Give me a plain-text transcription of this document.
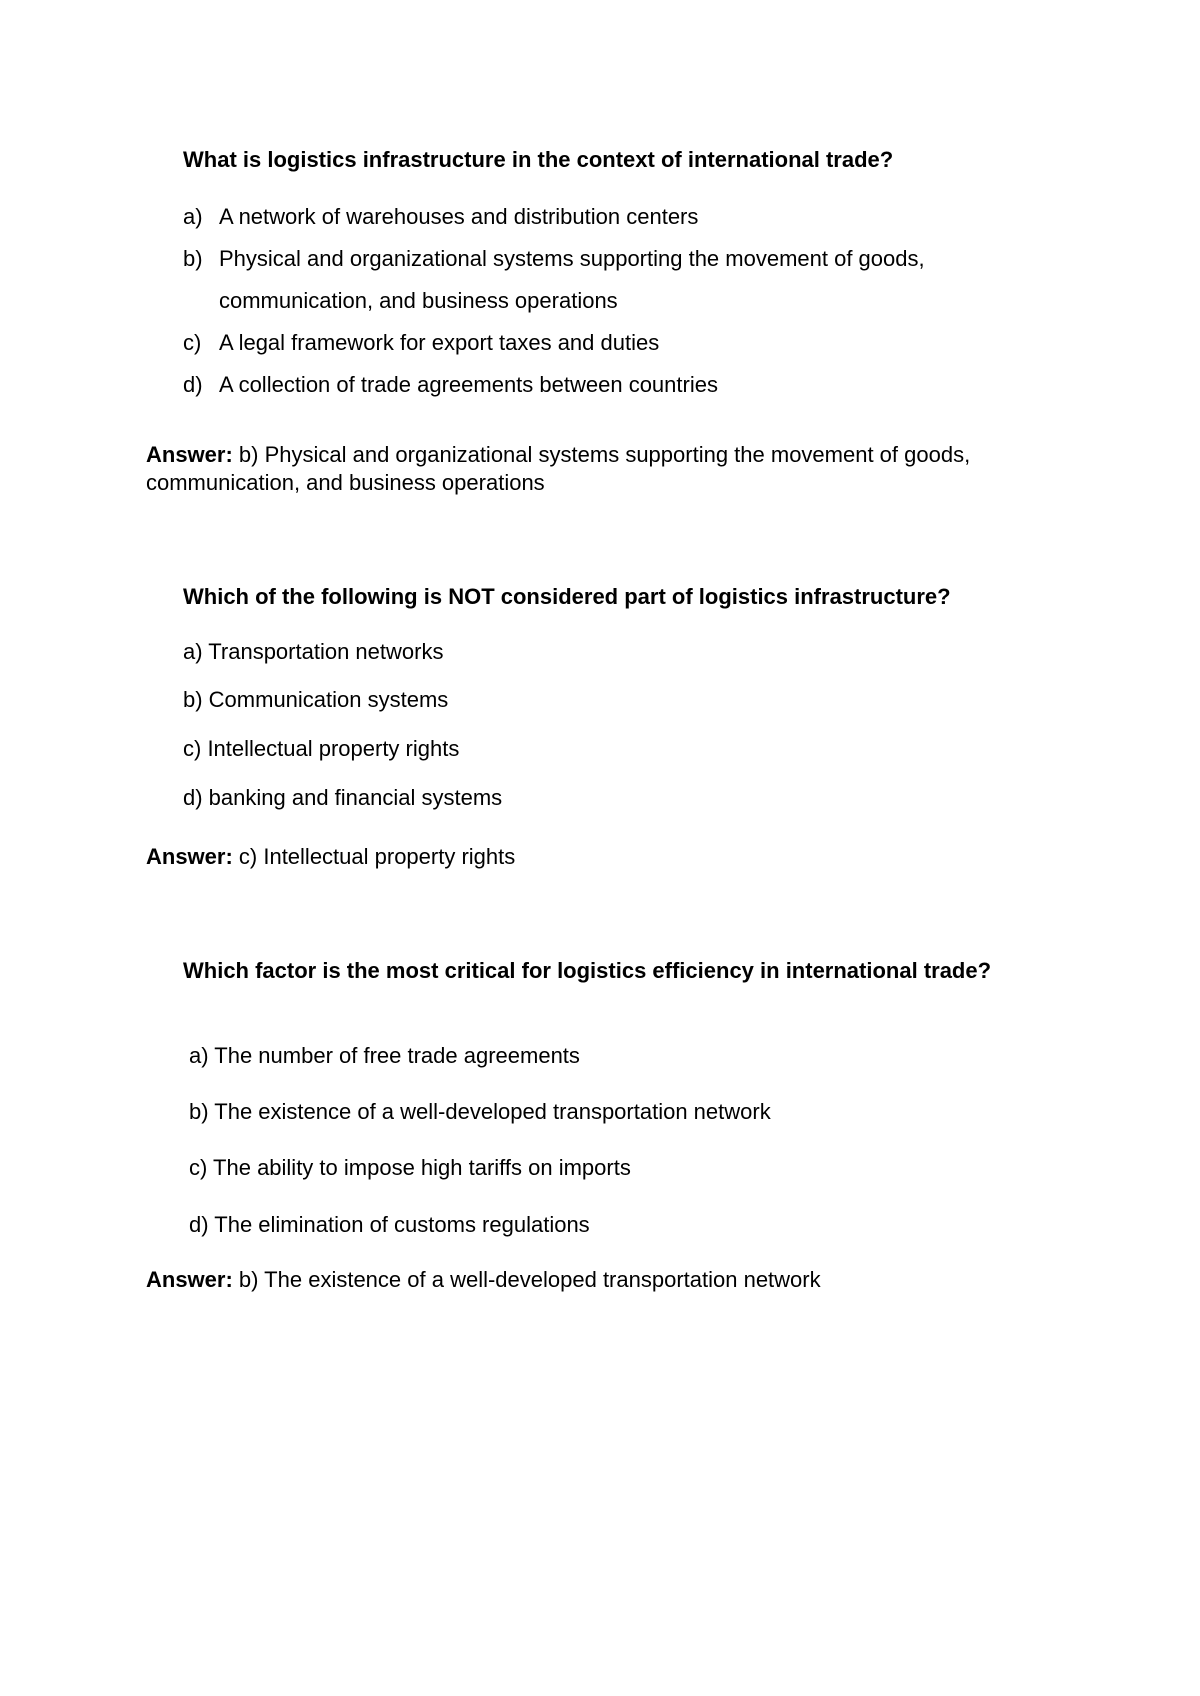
What is logistics infrastructure in the context of international trade?

a) A network of warehouses and distribution centers
b) Physical and organizational systems supporting the movement of goods,
communication, and business operations
c) A legal framework for export taxes and duties
d) A collection of trade agreements between countries
Answer: b) Physical and organizational systems supporting the movement of goods, communication, and business operations

Which of the following is NOT considered part of logistics infrastructure?

a) Transportation networks
b) Communication systems
c) Intellectual property rights
d) banking and financial systems
Answer: c) Intellectual property rights

Which factor is the most critical for logistics efficiency in international trade?

a) The number of free trade agreements
b) The existence of a well-developed transportation network
c) The ability to impose high tariffs on imports
d) The elimination of customs regulations
Answer: b) The existence of a well-developed transportation network
